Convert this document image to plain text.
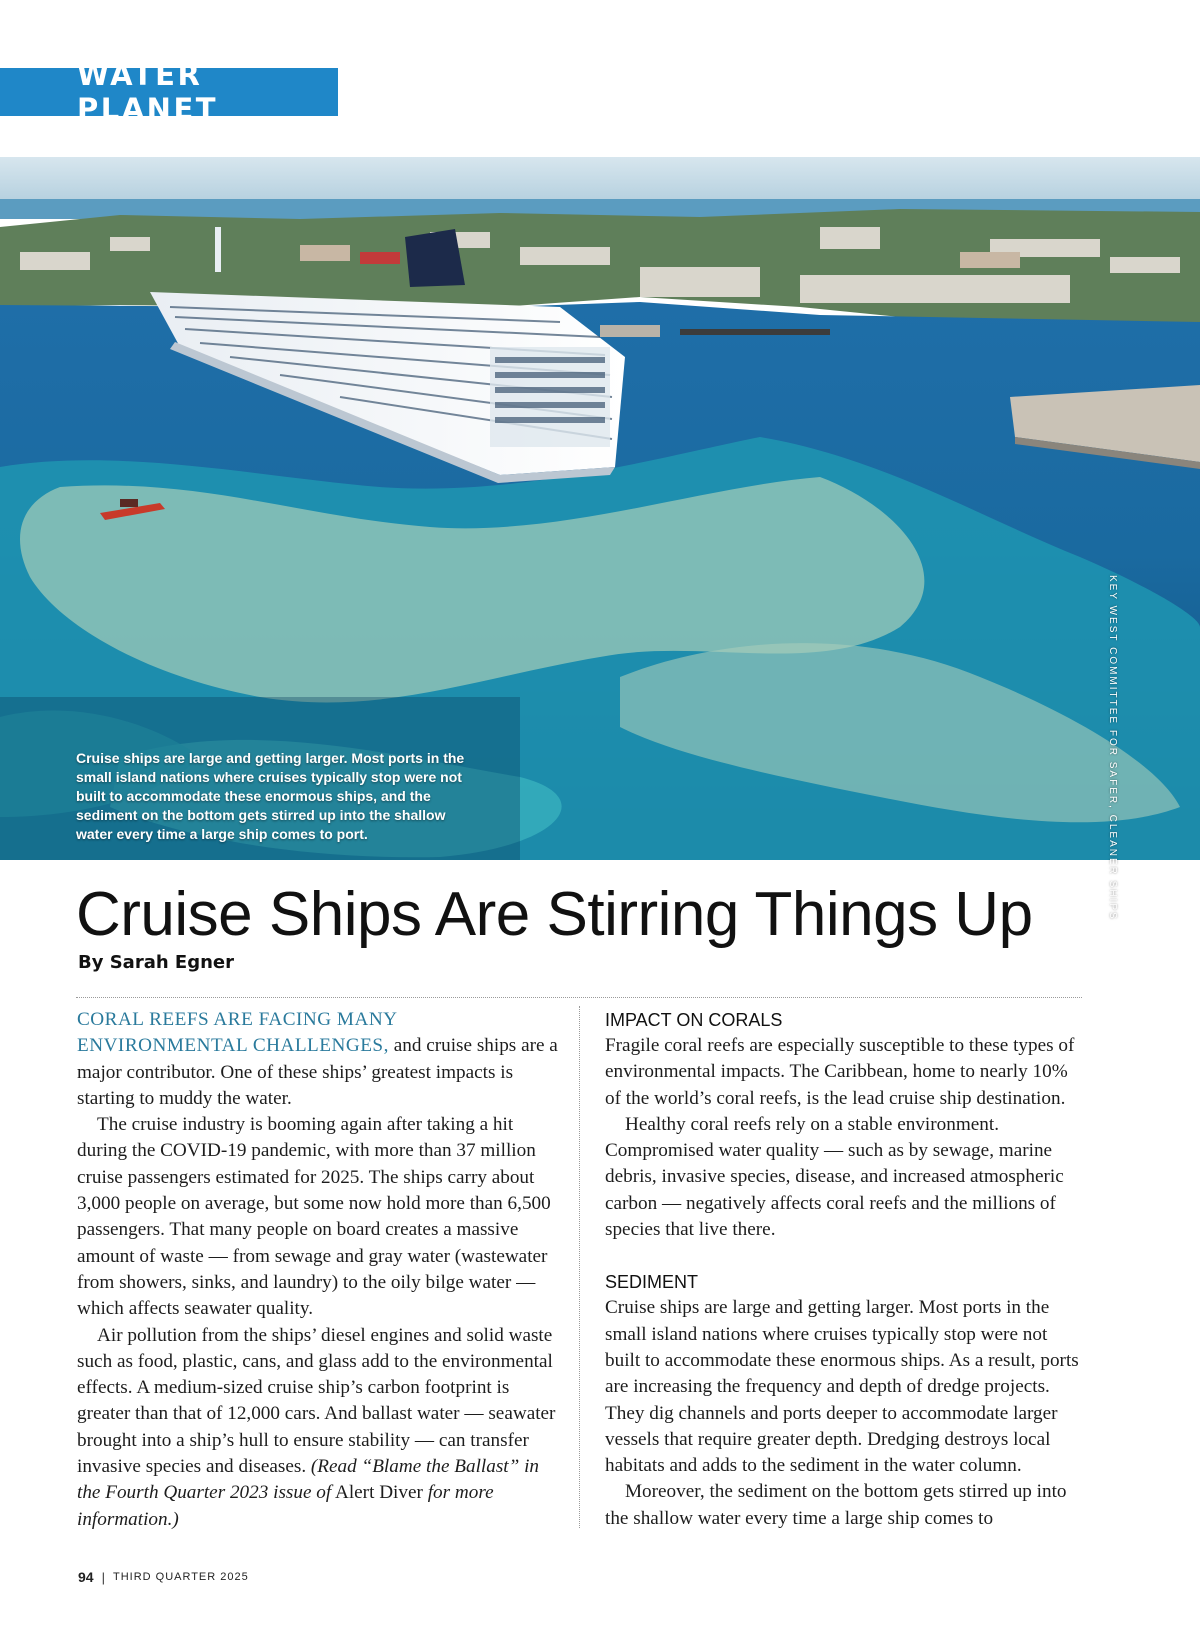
WATER PLANET
Cruise ships are large and getting larger. Most ports in the small island nations where cruises typically stop were not built to accommodate these enormous ships, and the sediment on the bottom gets stirred up into the shallow water every time a large ship comes to port.	KEY WEST COMMITTEE FOR SAFER, CLEANER SHIPS
Cruise Ships Are Stirring Things Up
By Sarah Egner

CORAL REEFS ARE FACING MANY ENVIRONMENTAL CHALLENGES, and cruise ships are a major contributor. One of these ships’ greatest impacts is starting to muddy the water.

The cruise industry is booming again after taking a hit during the COVID-19 pandemic, with more than 37 million cruise passengers estimated for 2025. The ships carry about 3,000 people on average, but some now hold more than 6,500 passengers. That many people on board creates a massive amount of waste — from sewage and gray water (wastewater from showers, sinks, and laundry) to the oily bilge water — which affects seawater quality.

Air pollution from the ships’ diesel engines and solid waste such as food, plastic, cans, and glass add to the environmental effects. A medium-sized cruise ship’s carbon footprint is greater than that of 12,000 cars. And ballast water — seawater brought into a ship’s hull to ensure stability — can transfer invasive species and diseases. (Read “Blame the Ballast” in the Fourth Quarter 2023 issue of Alert Diver for more information.)

IMPACT ON CORALS

Fragile coral reefs are especially susceptible to these types of environmental impacts. The Caribbean, home to nearly 10% of the world’s coral reefs, is the lead cruise ship destination.

Healthy coral reefs rely on a stable environment. Compromised water quality — such as by sewage, marine debris, invasive species, disease, and increased atmospheric carbon — negatively affects coral reefs and the millions of species that live there.

SEDIMENT

Cruise ships are large and getting larger. Most ports in the small island nations where cruises typically stop were not built to accommodate these enormous ships. As a result, ports are increasing the frequency and depth of dredge projects. They dig channels and ports deeper to accommodate larger vessels that require greater depth. Dredging destroys local habitats and adds to the sediment in the water column.

Moreover, the sediment on the bottom gets stirred up into the shallow water every time a large ship comes to

94 | THIRD QUARTER 2025
